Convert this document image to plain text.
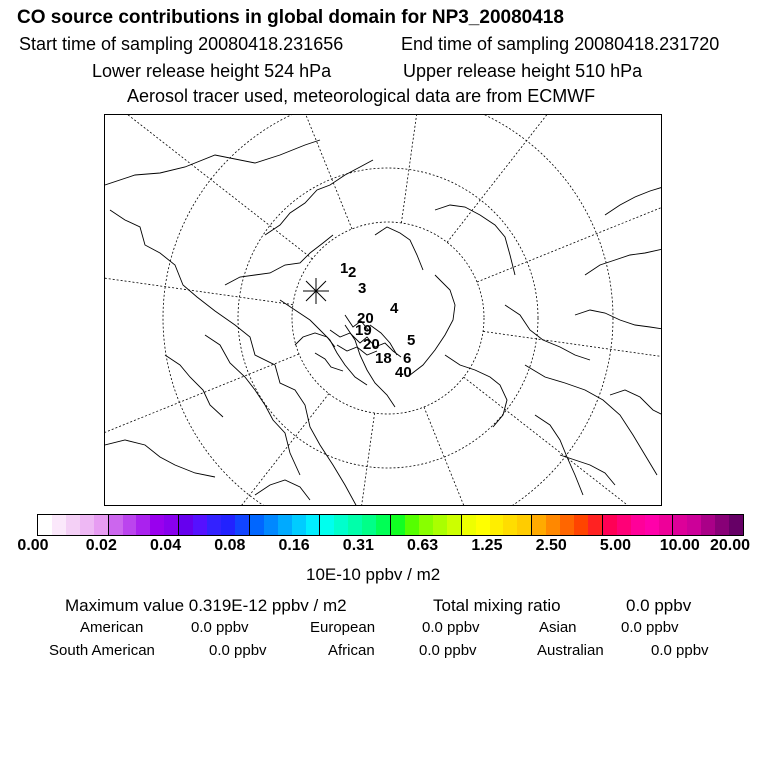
CO source contributions in global domain for NP3_20080418
Start time of sampling 20080418.231656	End time of sampling 20080418.231720
Lower release height 524 hPa	Upper release height 510 hPa
Aerosol tracer used, meteorological data are from ECMWF
1 2
3
4
5
6
18
19
20
20
40
0.00 0.02 0.04 0.08 0.16 0.31 0.63 1.25 2.50 5.00 10.00 20.00
10E-10 ppbv / m2
Maximum value 0.319E-12 ppbv / m2	Total mixing ratio	0.0 ppbv
American	0.0 ppbv	European	0.0 ppbv	Asian	0.0 ppbv
South American	0.0 ppbv	African	0.0 ppbv	Australian	0.0 ppbv
